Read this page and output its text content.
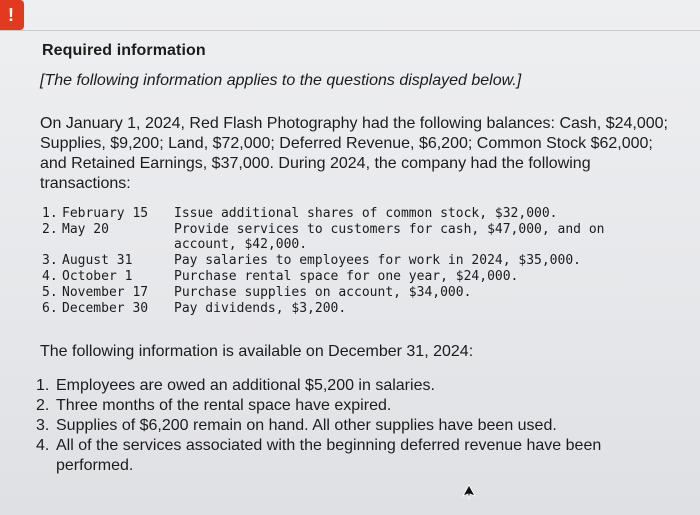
!
Required information
[The following information applies to the questions displayed below.]

On January 1, 2024, Red Flash Photography had the following balances: Cash, $24,000; Supplies, $9,200; Land, $72,000; Deferred Revenue, $6,200; Common Stock $62,000; and Retained Earnings, $37,000. During 2024, the company had the following transactions:

1. February 15	Issue additional shares of common stock, $32,000.
2. May 20	Provide services to customers for cash, $47,000, and on account, $42,000.
3. August 31	Pay salaries to employees for work in 2024, $35,000.
4. October 1	Purchase rental space for one year, $24,000.
5. November 17	Purchase supplies on account, $34,000.
6. December 30	Pay dividends, $3,200.
The following information is available on December 31, 2024:
1. Employees are owed an additional $5,200 in salaries.
2. Three months of the rental space have expired.
3. Supplies of $6,200 remain on hand. All other supplies have been used.
4. All of the services associated with the beginning deferred revenue have been performed.
